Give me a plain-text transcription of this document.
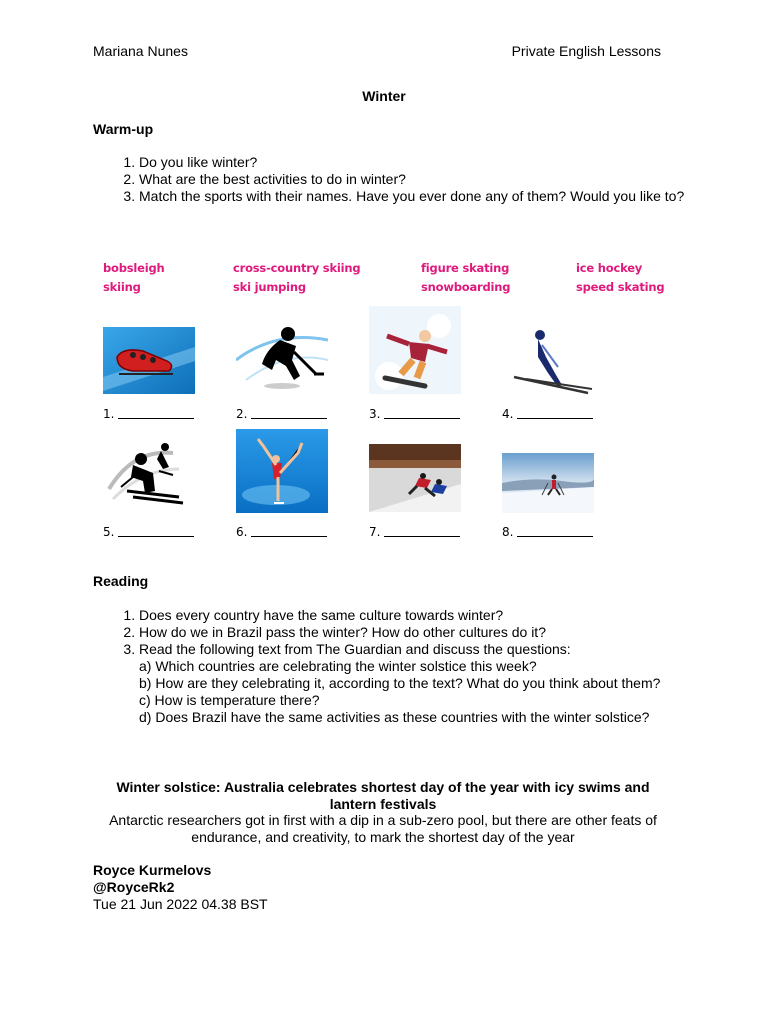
Mariana Nunes	Private English Lessons
Winter
Warm-up
1. Do you like winter?
2. What are the best activities to do in winter?
3. Match the sports with their names. Have you ever done any of them? Would you like to?
bobsleigh	cross-country skiing	figure skating	ice hockey
skiing	ski jumping	snowboarding	speed skating
1.	2.	3.	4.
5.	6.	7.	8.
Reading
1. Does every country have the same culture towards winter?
2. How do we in Brazil pass the winter? How do other cultures do it?
3. Read the following text from The Guardian and discuss the questions:
a) Which countries are celebrating the winter solstice this week?
b) How are they celebrating it, according to the text? What do you think about them?
c) How is temperature there?
d) Does Brazil have the same activities as these countries with the winter solstice?
Winter solstice: Australia celebrates shortest day of the year with icy swims and lantern festivals
Antarctic researchers got in first with a dip in a sub-zero pool, but there are other feats of endurance, and creativity, to mark the shortest day of the year
Royce Kurmelovs
@RoyceRk2
Tue 21 Jun 2022 04.38 BST
